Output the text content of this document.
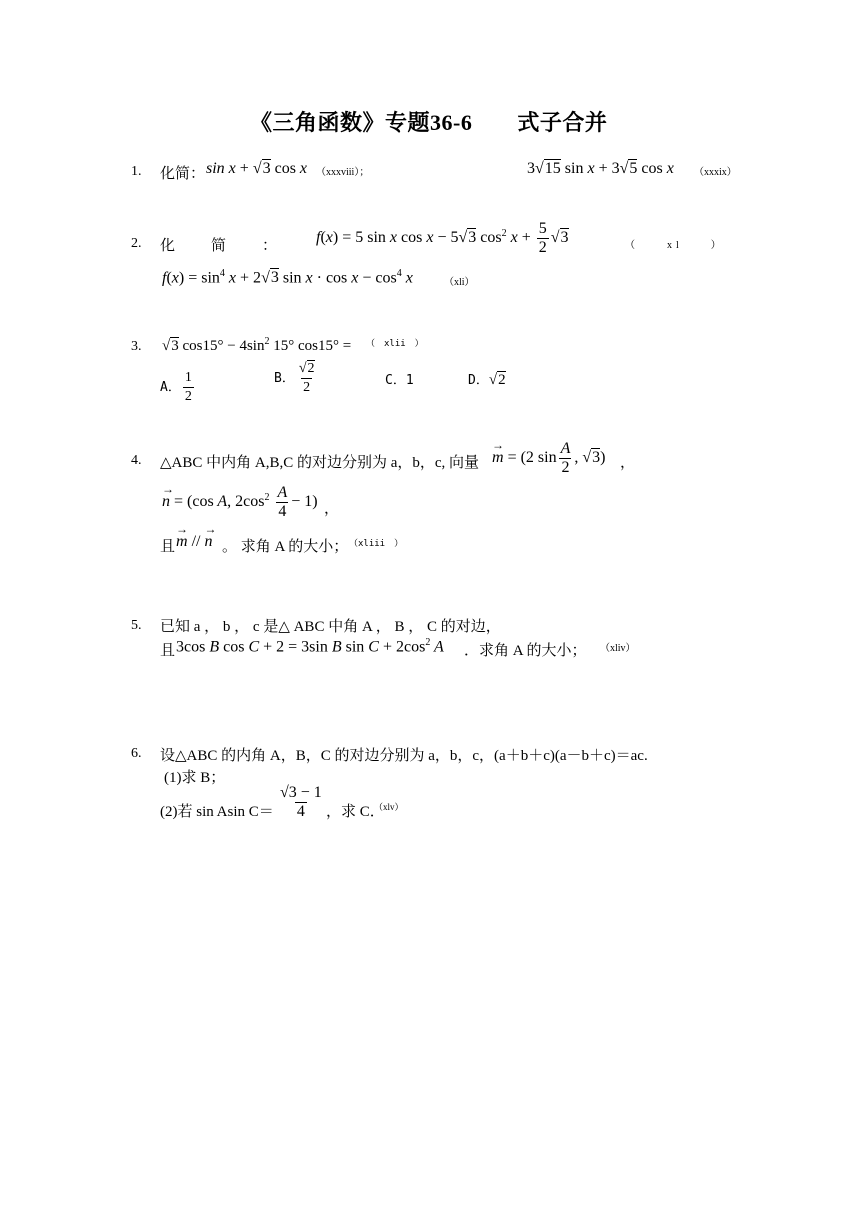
《三角函数》专题36-6　　式子合并
1. 化简： sin x + √3 cos x （xxxviii）；	3√15 sin x + 3√5 cos x （xxxix）
2. 化　　简　　： f(x) = 5 sin x cos x − 5√3 $\cos^2 x + \frac{5}{2} √3$	（　　xl　　）
$f(x) = \sin^4 x + 2√3$ $\sin x \cdot \cos x - \cos^4 x$	（xli）
3. √3 $\cos 15^\circ - 4\sin^2$ 15° cos15° = （　xlii　）
A． $\frac{1}{2}$	B． $\frac{√2}{2}$	C．1	D．√2
4. △ABC 中内角 A,B,C 的对边分别为 a，b，c, 向量 → m = (2 $\sin \frac{A}{2}$ , √3) ，
→ n = (cos A, $2\cos^2 \frac{A}{4} - 1$) ，
且 → m // → n 。 求角 A 的大小； （xliii　）
5. 已知 a ， b ， c 是△ ABC 中角 A ， B ， C 的对边，
且 3cos B cos C + 2 = 3sin B $\sin C + 2\cos^2$ A ．求角 A 的大小； （xliv）
6. 设△ABC 的内角 A，B，C 的对边分别为 a，b，c，(a＋b＋c)(a－b＋c)＝ac.
(1)求 B；
(2)若 sin Asin $C= \frac{√3 - 1}{4}$ ，求 C．
（xlv）
